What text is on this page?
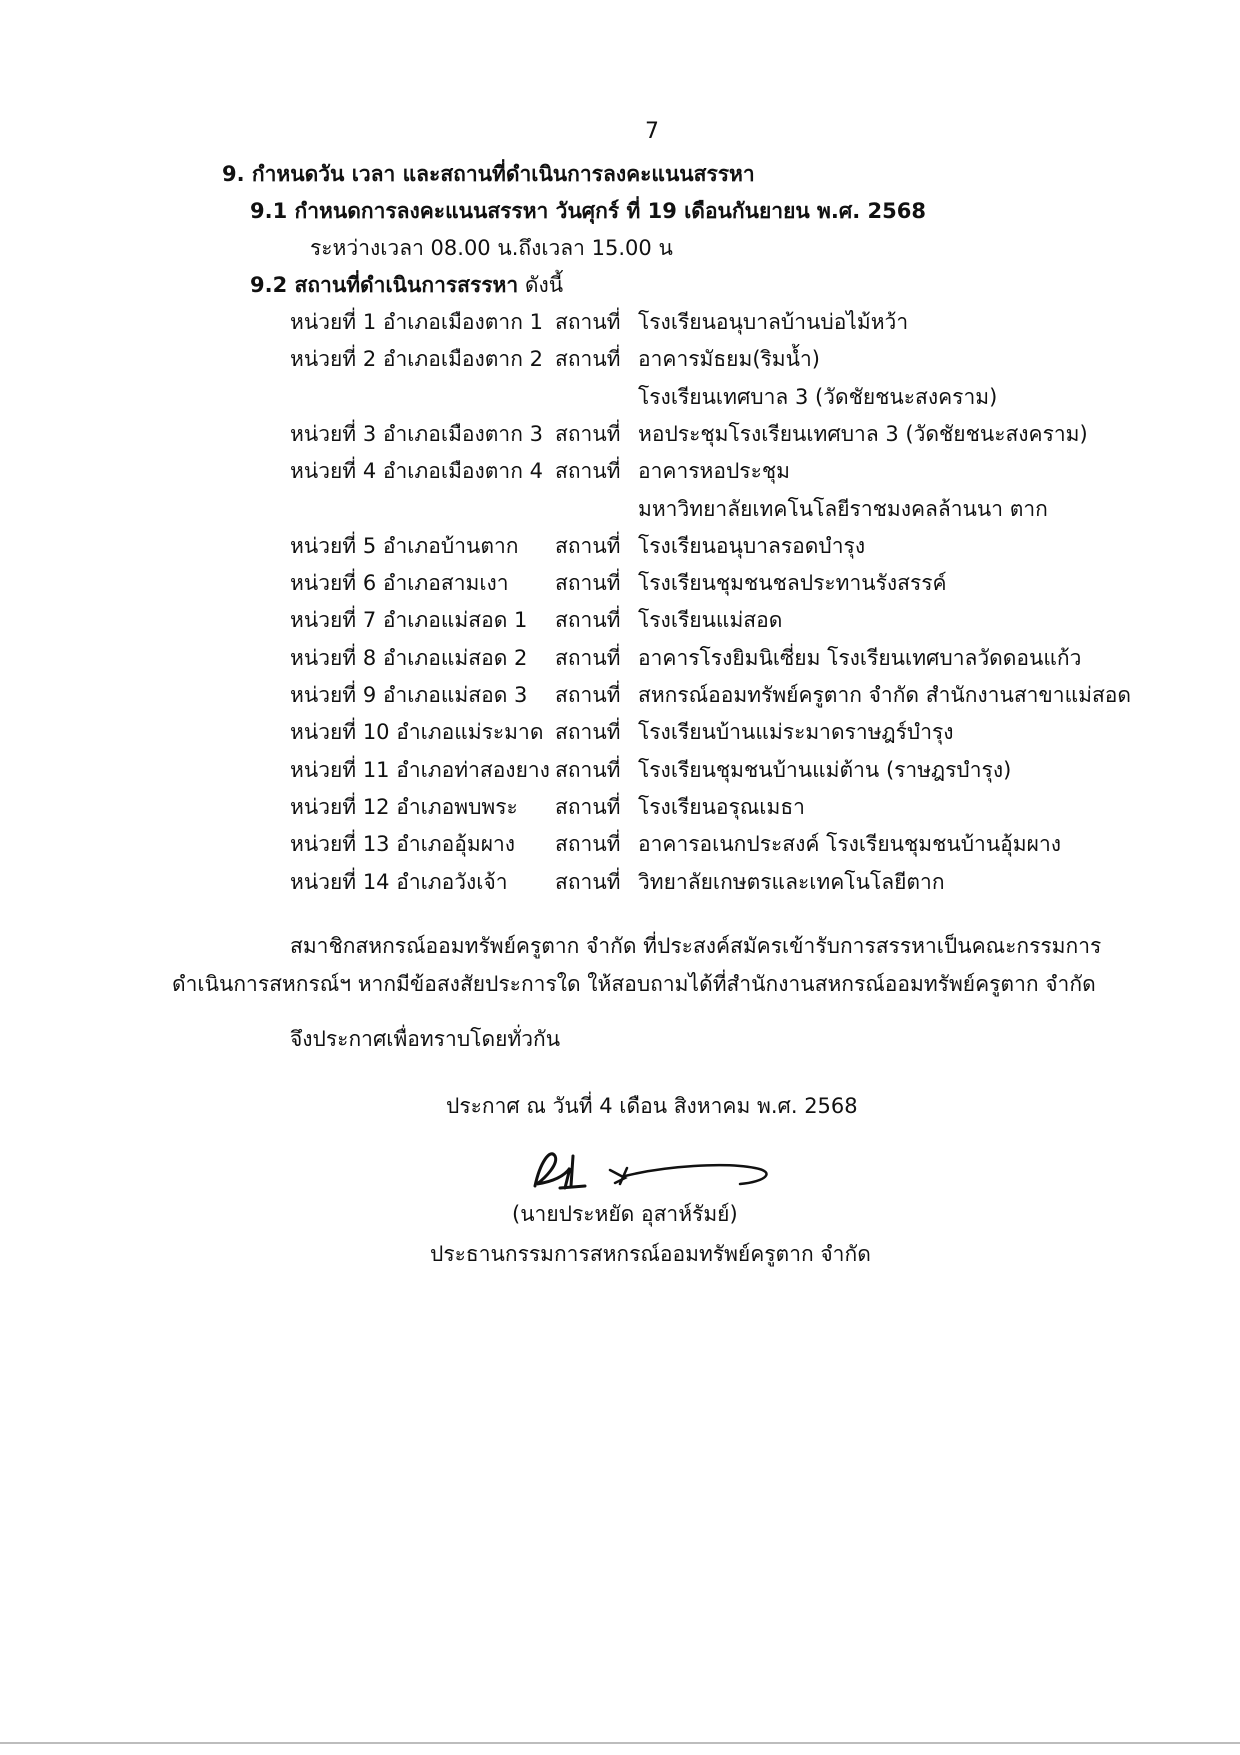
7
9. กำหนดวัน เวลา และสถานที่ดำเนินการลงคะแนนสรรหา
9.1 กำหนดการลงคะแนนสรรหา วันศุกร์ ที่ 19 เดือนกันยายน พ.ศ. 2568
ระหว่างเวลา 08.00 น.ถึงเวลา 15.00 น
9.2 สถานที่ดำเนินการสรรหา ดังนี้
หน่วยที่ 1 อำเภอเมืองตาก 1 สถานที่ โรงเรียนอนุบาลบ้านบ่อไม้หว้า
หน่วยที่ 2 อำเภอเมืองตาก 2 สถานที่ อาคารมัธยม(ริมน้ำ)
โรงเรียนเทศบาล 3 (วัดชัยชนะสงคราม)
หน่วยที่ 3 อำเภอเมืองตาก 3 สถานที่ หอประชุมโรงเรียนเทศบาล 3 (วัดชัยชนะสงคราม)
หน่วยที่ 4 อำเภอเมืองตาก 4 สถานที่ อาคารหอประชุม
มหาวิทยาลัยเทคโนโลยีราชมงคลล้านนา ตาก
หน่วยที่ 5 อำเภอบ้านตาก สถานที่ โรงเรียนอนุบาลรอดบำรุง
หน่วยที่ 6 อำเภอสามเงา สถานที่ โรงเรียนชุมชนชลประทานรังสรรค์
หน่วยที่ 7 อำเภอแม่สอด 1 สถานที่ โรงเรียนแม่สอด
หน่วยที่ 8 อำเภอแม่สอด 2 สถานที่ อาคารโรงยิมนิเซี่ยม โรงเรียนเทศบาลวัดดอนแก้ว
หน่วยที่ 9 อำเภอแม่สอด 3 สถานที่ สหกรณ์ออมทรัพย์ครูตาก จำกัด สำนักงานสาขาแม่สอด
หน่วยที่ 10 อำเภอแม่ระมาด สถานที่ โรงเรียนบ้านแม่ระมาดราษฎร์บำรุง
หน่วยที่ 11 อำเภอท่าสองยาง สถานที่ โรงเรียนชุมชนบ้านแม่ต้าน (ราษฎรบำรุง)
หน่วยที่ 12 อำเภอพบพระ สถานที่ โรงเรียนอรุณเมธา
หน่วยที่ 13 อำเภออุ้มผาง สถานที่ อาคารอเนกประสงค์ โรงเรียนชุมชนบ้านอุ้มผาง
หน่วยที่ 14 อำเภอวังเจ้า สถานที่ วิทยาลัยเกษตรและเทคโนโลยีตาก
สมาชิกสหกรณ์ออมทรัพย์ครูตาก จำกัด ที่ประสงค์สมัครเข้ารับการสรรหาเป็นคณะกรรมการ
ดำเนินการสหกรณ์ฯ หากมีข้อสงสัยประการใด ให้สอบถามได้ที่สำนักงานสหกรณ์ออมทรัพย์ครูตาก จำกัด
จึงประกาศเพื่อทราบโดยทั่วกัน
ประกาศ ณ วันที่ 4 เดือน สิงหาคม พ.ศ. 2568
(นายประหยัด อุสาห์รัมย์)
ประธานกรรมการสหกรณ์ออมทรัพย์ครูตาก จำกัด
